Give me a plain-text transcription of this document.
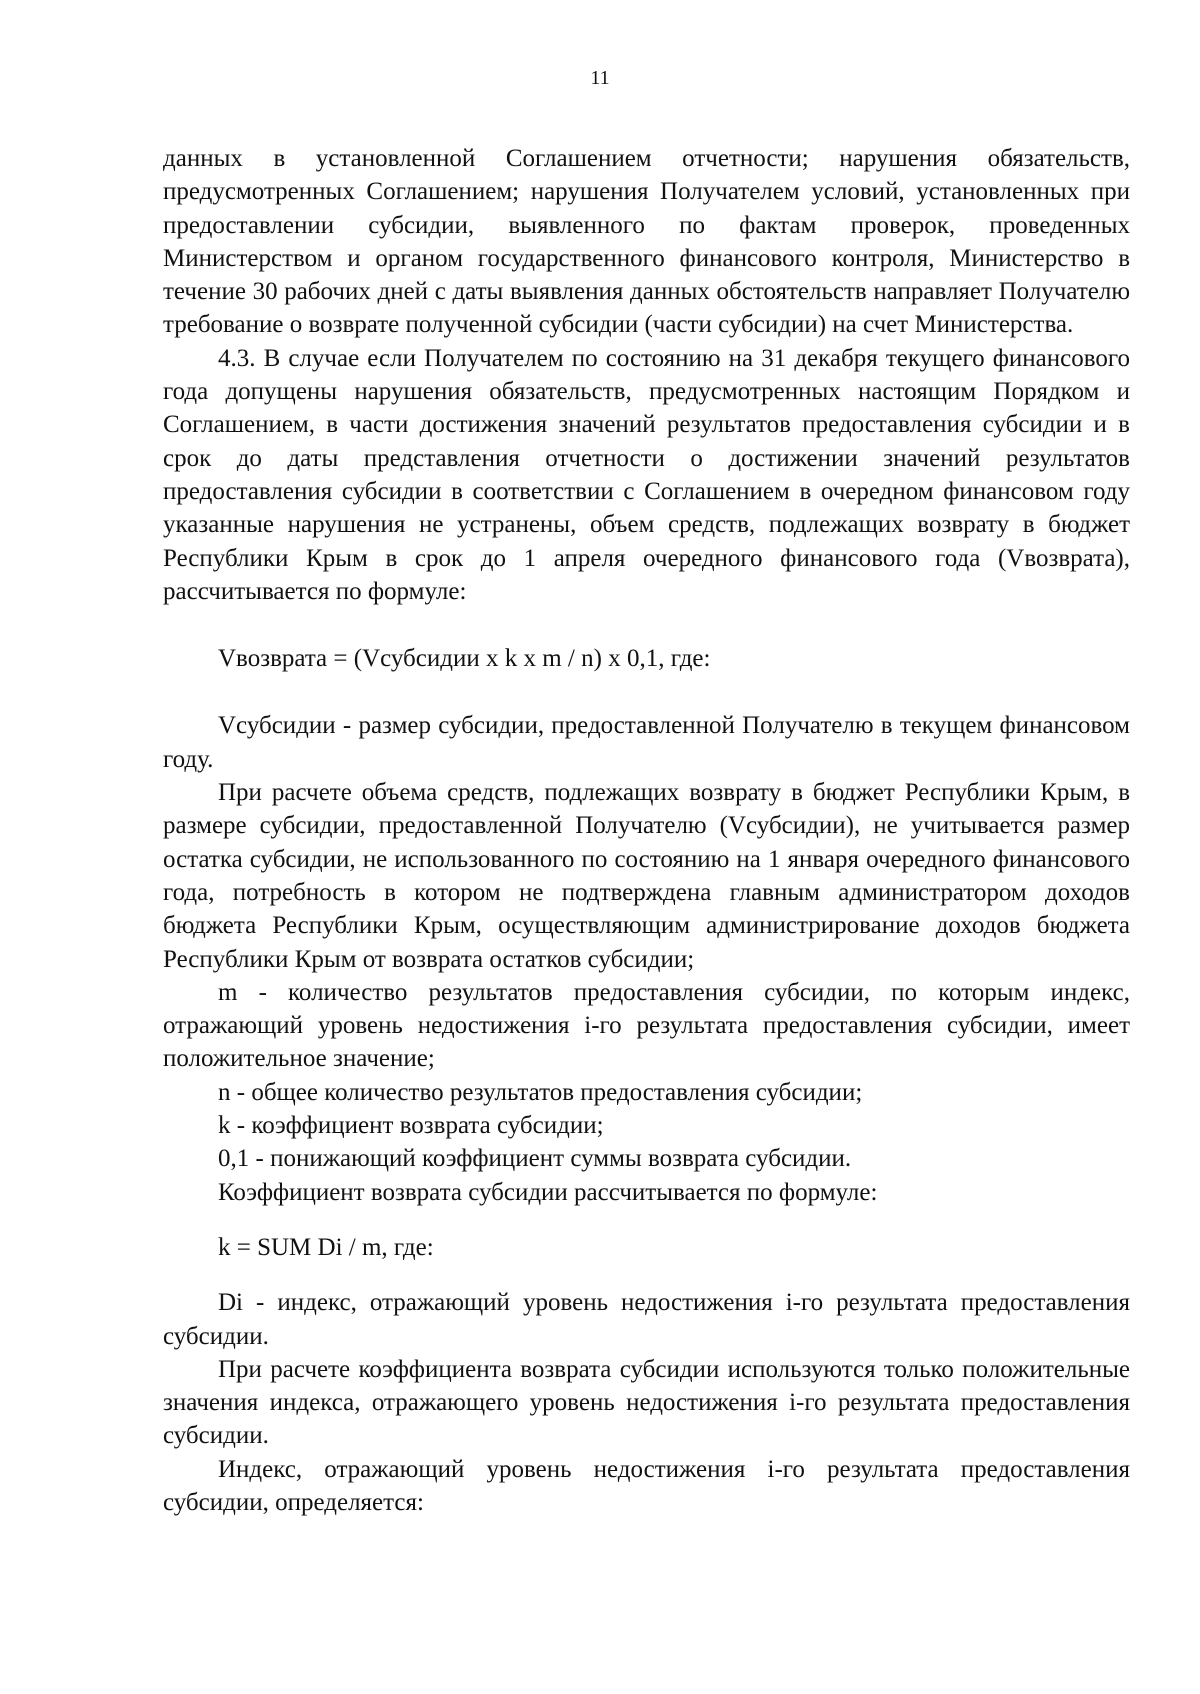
11

данных в установленной Соглашением отчетности; нарушения обязательств, предусмотренных Соглашением; нарушения Получателем условий, установленных при предоставлении субсидии, выявленного по фактам проверок, проведенных Министерством и органом государственного финансового контроля, Министерство в течение 30 рабочих дней с даты выявления данных обстоятельств направляет Получателю требование о возврате полученной субсидии (части субсидии) на счет Министерства.

4.3. В случае если Получателем по состоянию на 31 декабря текущего финансового года допущены нарушения обязательств, предусмотренных настоящим Порядком и Соглашением, в части достижения значений результатов предоставления субсидии и в срок до даты представления отчетности о достижении значений результатов предоставления субсидии в соответствии с Соглашением в очередном финансовом году указанные нарушения не устранены, объем средств, подлежащих возврату в бюджет Республики Крым в срок до 1 апреля очередного финансового года (Vвозврата), рассчитывается по формуле:

Vвозврата = (Vсубсидии x k x m / n) x 0,1, где:

Vсубсидии - размер субсидии, предоставленной Получателю в текущем финансовом году.

При расчете объема средств, подлежащих возврату в бюджет Республики Крым, в размере субсидии, предоставленной Получателю (Vсубсидии), не учитывается размер остатка субсидии, не использованного по состоянию на 1 января очередного финансового года, потребность в котором не подтверждена главным администратором доходов бюджета Республики Крым, осуществляющим администрирование доходов бюджета Республики Крым от возврата остатков субсидии;

m - количество результатов предоставления субсидии, по которым индекс, отражающий уровень недостижения i-го результата предоставления субсидии, имеет положительное значение;

n - общее количество результатов предоставления субсидии;

k - коэффициент возврата субсидии;

0,1 - понижающий коэффициент суммы возврата субсидии.

Коэффициент возврата субсидии рассчитывается по формуле:

k = SUM Di / m, где:

Di - индекс, отражающий уровень недостижения i-го результата предоставления субсидии.

При расчете коэффициента возврата субсидии используются только положительные значения индекса, отражающего уровень недостижения i-го результата предоставления субсидии.

Индекс, отражающий уровень недостижения i-го результата предоставления субсидии, определяется:
